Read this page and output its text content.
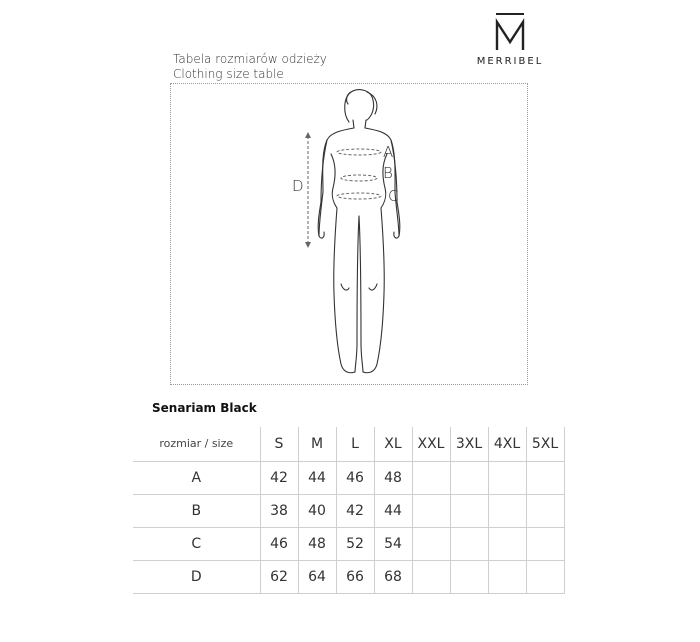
MERRIBEL
Tabela rozmiarów odzieży
Clothing size table
A
B
C
D
Senariam Black
rozmiar / size	S	M	L	XL	XXL	3XL	4XL	5XL
A	42	44	46	48				
B	38	40	42	44				
C	46	48	52	54				
D	62	64	66	68				
